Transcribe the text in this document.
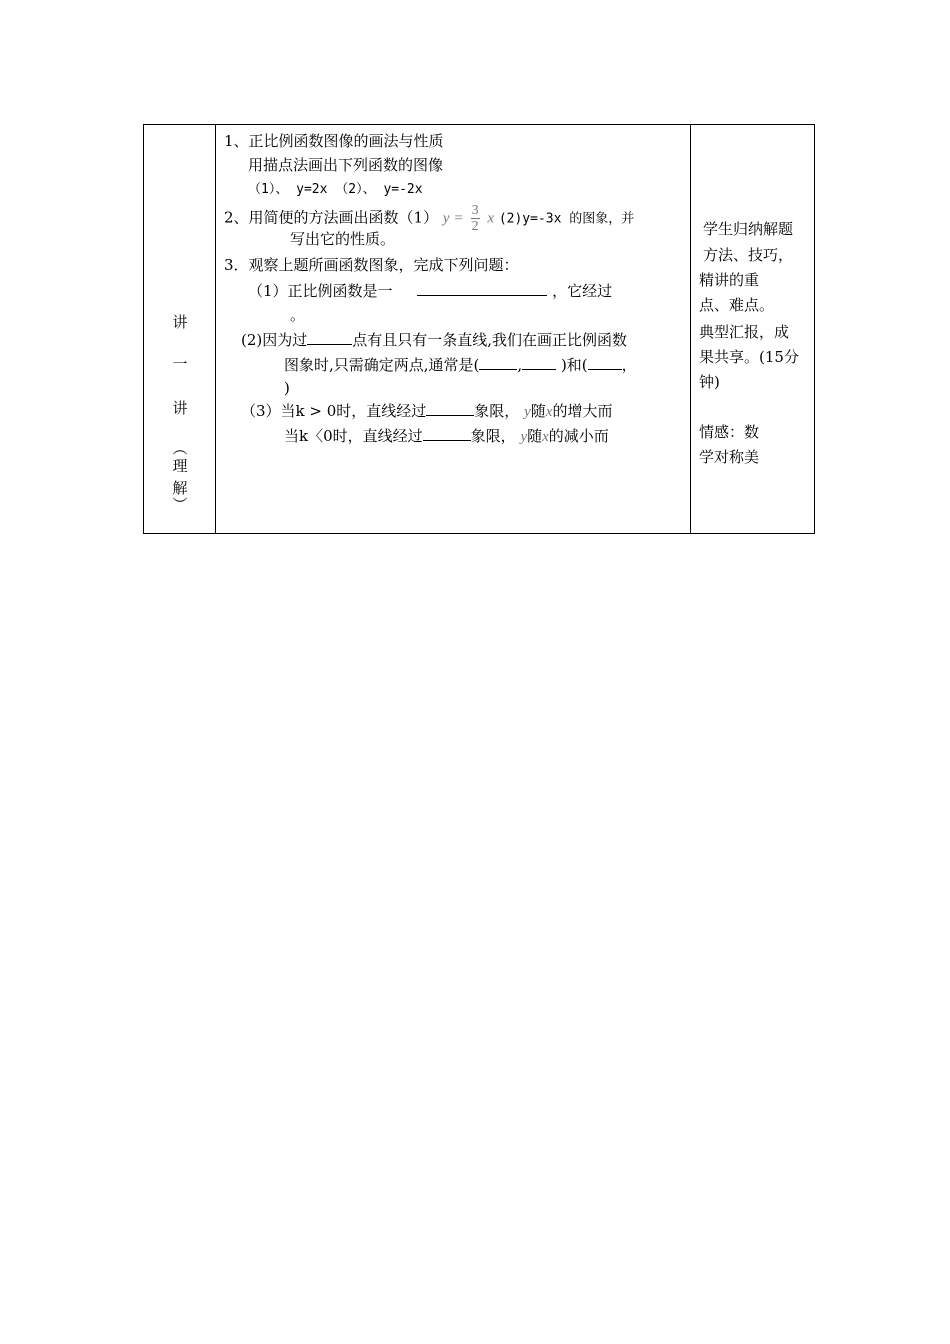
讲
一
讲
（
理
解
）
1、正比例函数图像的画法与性质
用描点法画出下列函数的图像
（1）、 y=2x （2）、 y=-2x
2、用简便的方法画出函数（1） $y = \frac{3}{2}$ x (2)y=-3x 的图象，并
写出它的性质。
3．观察上题所画函数图象，完成下列问题：
（1）正比例函数是一	，它经过
。
(2)因为过	点有且只有一条直线,我们在画正比例函数
图象时,只需确定两点,通常是(	, )和( ，
)
（3）当k > 0时，直线经过	象限， y随x的增大而
当k〈0时，直线经过	象限， y随x的减小而
学生归纳解题
方法、技巧，
精讲的重
点、难点。
典型汇报，成
果共享。(15分
钟)
情感：数
学对称美
